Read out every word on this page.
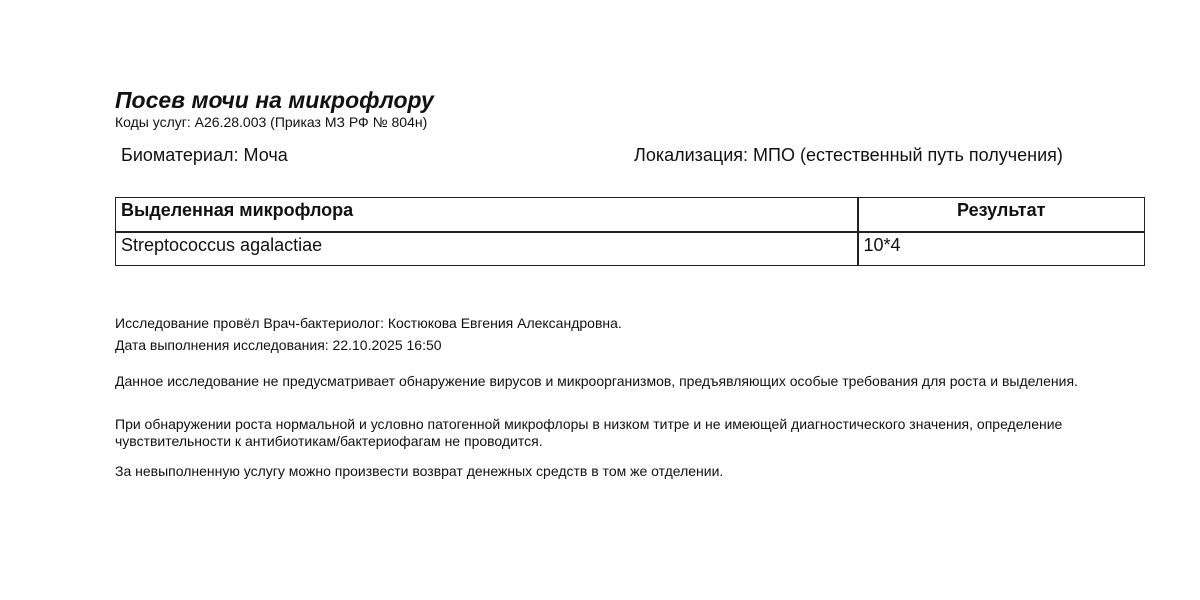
Посев мочи на микрофлору
Коды услуг: A26.28.003 (Приказ МЗ РФ № 804н)
Биоматериал: Моча	Локализация: МПО (естественный путь получения)
Выделенная микрофлора	Результат
Streptococcus agalactiae	10*4
Исследование провёл Врач-бактериолог: Костюкова Евгения Александровна.
Дата выполнения исследования: 22.10.2025 16:50
Данное исследование не предусматривает обнаружение вирусов и микроорганизмов, предъявляющих особые требования для роста и выделения.
При обнаружении роста нормальной и условно патогенной микрофлоры в низком титре и не имеющей диагностического значения, определение чувствительности к антибиотикам/бактериофагам не проводится.
За невыполненную услугу можно произвести возврат денежных средств в том же отделении.
